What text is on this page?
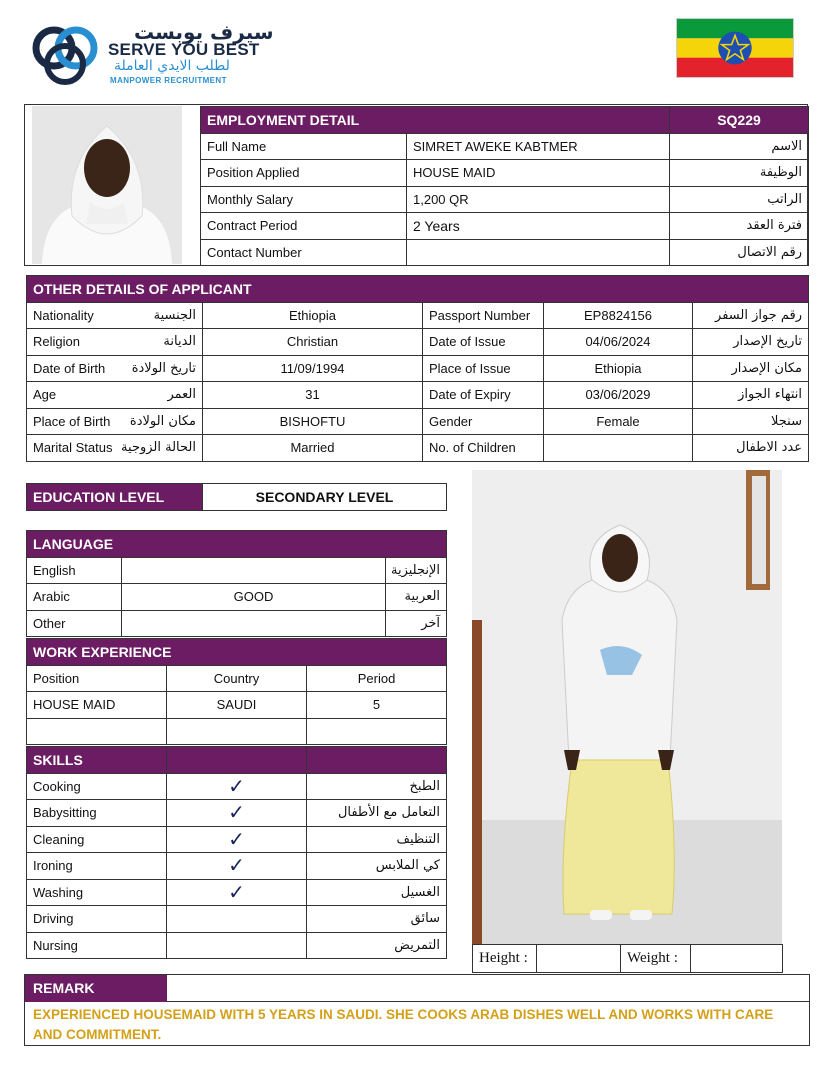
سيرف يوبست
SERVE YOU BEST
لطلب الايدي العاملة
MANPOWER RECRUITMENT
EMPLOYMENT DETAIL		SQ229
Full Name	SIMRET AWEKE KABTMER	الاسم
Position Applied	HOUSE MAID	الوظيفة
Monthly Salary	1,200 QR	الراتب
Contract Period	2 Years	فترة العقد
Contact Number		رقم الاتصال
OTHER DETAILS OF APPLICANT				

Nationality الجنسية	Ethiopia	Passport Number	EP8824156	رقم جواز السفر

Religion الديانة	Christian	Date of Issue	04/06/2024	تاريخ الإصدار

Date of Birth تاريخ الولادة	11/09/1994	Place of Issue	Ethiopia	مكان الإصدار

Age العمر	31	Date of Expiry	03/06/2029	انتهاء الجواز

Place of Birth مكان الولادة	BISHOFTU	Gender	Female	سنجلا

Marital Status الحالة الزوجية	Married	No. of Children		عدد الاطفال
EDUCATION LEVEL	SECONDARY LEVEL
LANGUAGE		
English		الإنجليزية
Arabic	GOOD	العربية
Other		آخر
WORK EXPERIENCE		
Position	Country	Period
HOUSE MAID	SAUDI	5

SKILLS		
Cooking	✓	الطبخ
Babysitting	✓	التعامل مع الأطفال
Cleaning	✓	التنظيف
Ironing	✓	كي الملابس
Washing	✓	الغسيل
Driving		سائق
Nursing		التمريض
Height :		Weight :	
REMARK
EXPERIENCED HOUSEMAID WITH 5 YEARS IN SAUDI. SHE COOKS ARAB DISHES WELL AND WORKS WITH CARE AND COMMITMENT.
